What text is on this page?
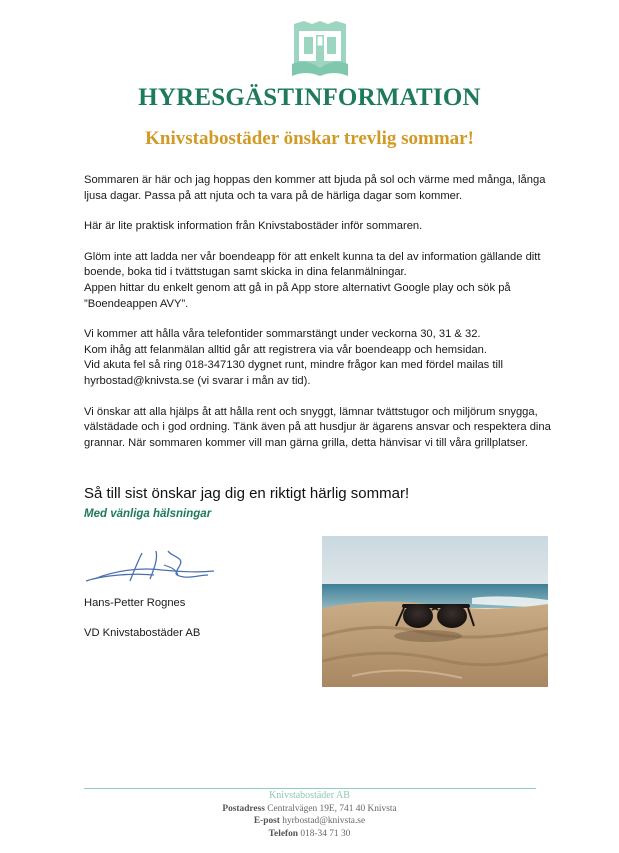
HYRESGÄSTINFORMATION
Knivstabostäder önskar trevlig sommar!

Sommaren är här och jag hoppas den kommer att bjuda på sol och värme med många, långa ljusa dagar. Passa på att njuta och ta vara på de härliga dagar som kommer.

Här är lite praktisk information från Knivstabostäder inför sommaren.

Glöm inte att ladda ner vår boendeapp för att enkelt kunna ta del av information gällande ditt boende, boka tid i tvättstugan samt skicka in dina felanmälningar.

Appen hittar du enkelt genom att gå in på App store alternativt Google play och sök på ”Boendeappen AVY”.

Vi kommer att hålla våra telefontider sommarstängt under veckorna 30, 31 & 32.

Kom ihåg att felanmälan alltid går att registrera via vår boendeapp och hemsidan.

Vid akuta fel så ring 018-347130 dygnet runt, mindre frågor kan med fördel mailas till hyrbostad@knivsta.se (vi svarar i mån av tid).

Vi önskar att alla hjälps åt att hålla rent och snyggt, lämnar tvättstugor och miljörum snygga, välstädade och i god ordning. Tänk även på att husdjur är ägarens ansvar och respektera dina grannar. När sommaren kommer vill man gärna grilla, detta hänvisar vi till våra grillplatser.

Så till sist önskar jag dig en riktigt härlig sommar!
Med vänliga hälsningar
Hans-Petter Rognes
VD Knivstabostäder AB
Knivstabostäder AB
Postadress Centralvägen 19E, 741 40 Knivsta
E-post hyrbostad@knivsta.se
Telefon 018-34 71 30
